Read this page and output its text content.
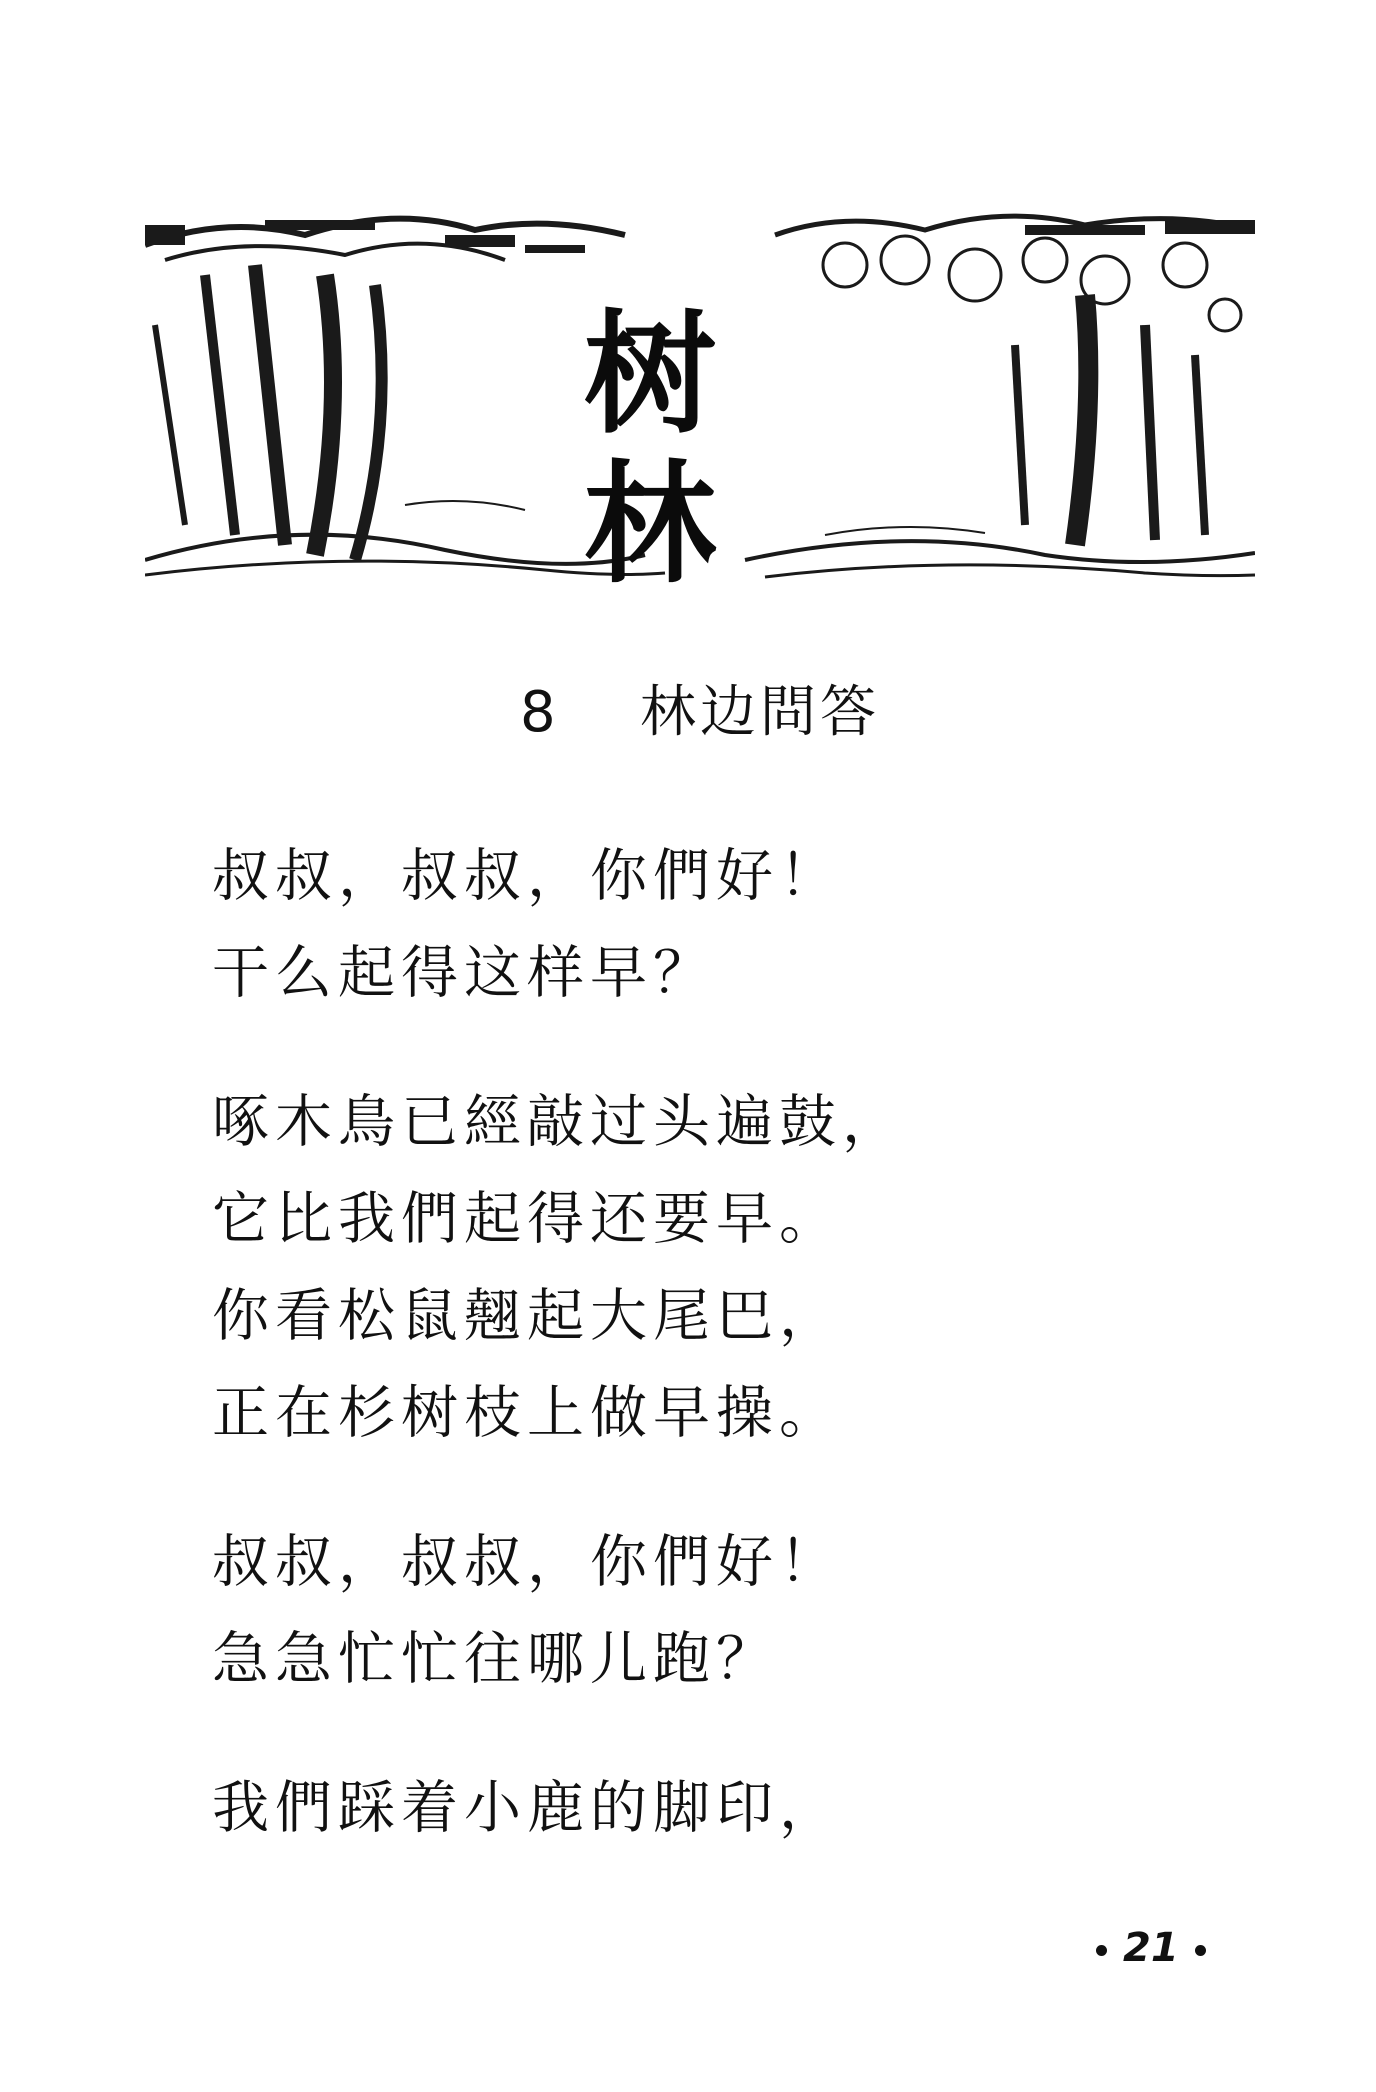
树 林
8 林边問答
叔叔，叔叔，你們好！
干么起得这样早？
啄木鳥已經敲过头遍鼓，
它比我們起得还要早。
你看松鼠翹起大尾巴，
正在杉树枝上做早操。
叔叔，叔叔，你們好！
急急忙忙往哪儿跑？
我們踩着小鹿的脚印，
21
